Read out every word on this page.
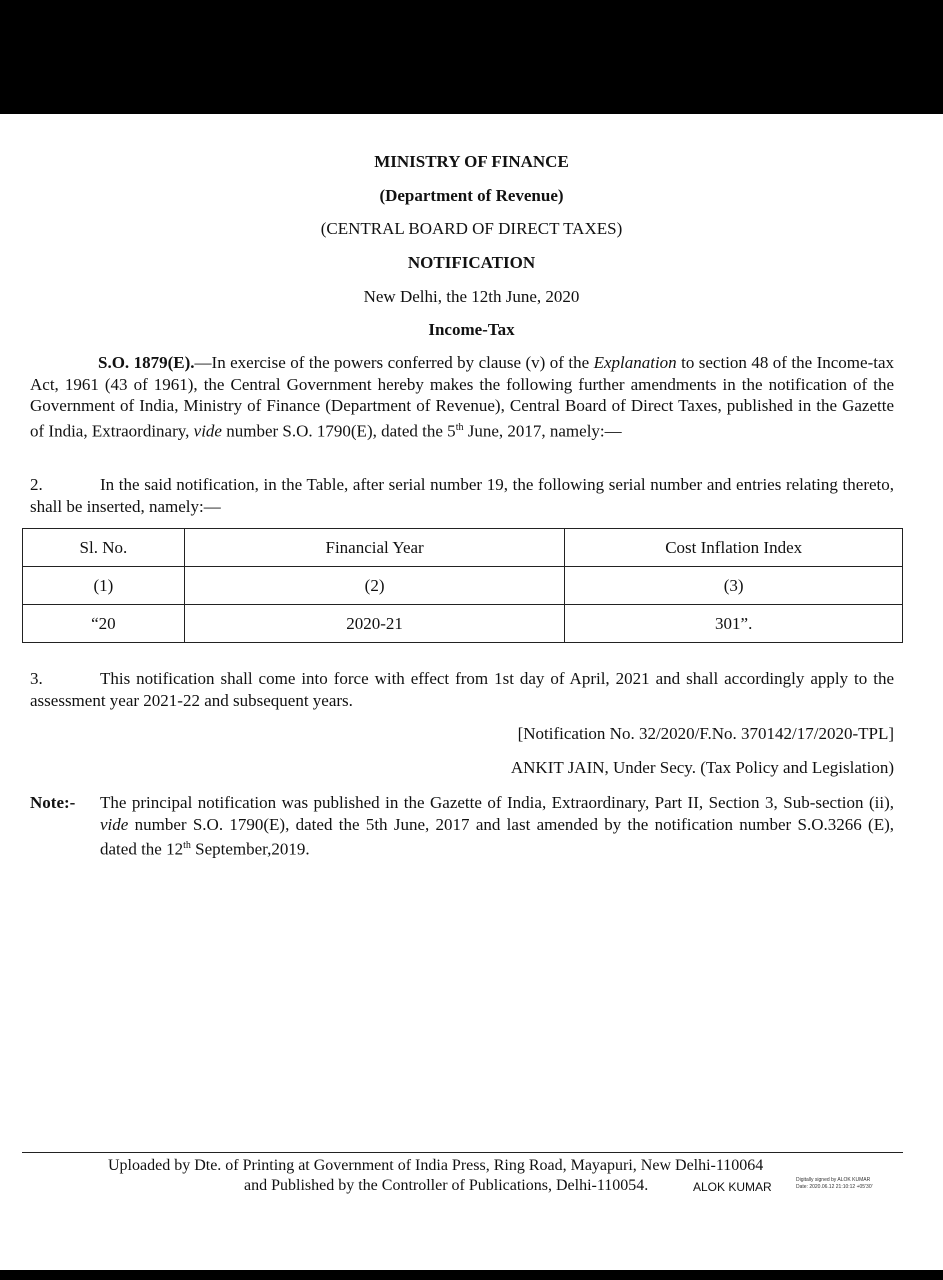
MINISTRY OF FINANCE
(Department of Revenue)
(CENTRAL BOARD OF DIRECT TAXES)
NOTIFICATION
New Delhi, the 12th June, 2020
Income-Tax
S.O. 1879(E).—In exercise of the powers conferred by clause (v) of the Explanation to section 48 of the Income-tax Act, 1961 (43 of 1961), the Central Government hereby makes the following further amendments in the notification of the Government of India, Ministry of Finance (Department of Revenue), Central Board of Direct Taxes, published in the Gazette of India, Extraordinary, vide number S.O. 1790(E), dated the 5th June, 2017, namely:—
2.	In the said notification, in the Table, after serial number 19, the following serial number and entries relating thereto, shall be inserted, namely:—
Sl. No.	Financial Year	Cost Inflation Index
(1)	(2)	(3)
“20	2020-21	301”.
3.	This notification shall come into force with effect from 1st day of April, 2021 and shall accordingly apply to the assessment year 2021-22 and subsequent years.
[Notification No. 32/2020/F.No. 370142/17/2020-TPL]
ANKIT JAIN, Under Secy. (Tax Policy and Legislation)
Note:-	The principal notification was published in the Gazette of India, Extraordinary, Part II, Section 3, Sub-section (ii), vide number S.O. 1790(E), dated the 5th June, 2017 and last amended by the notification number S.O.3266 (E), dated the 12th September,2019.
Uploaded by Dte. of Printing at Government of India Press, Ring Road, Mayapuri, New Delhi-110064
and Published by the Controller of Publications, Delhi-110054.	ALOK KUMAR	Digitally signed by ALOK KUMAR
Date: 2020.06.12 21:10:12 +05'30'
